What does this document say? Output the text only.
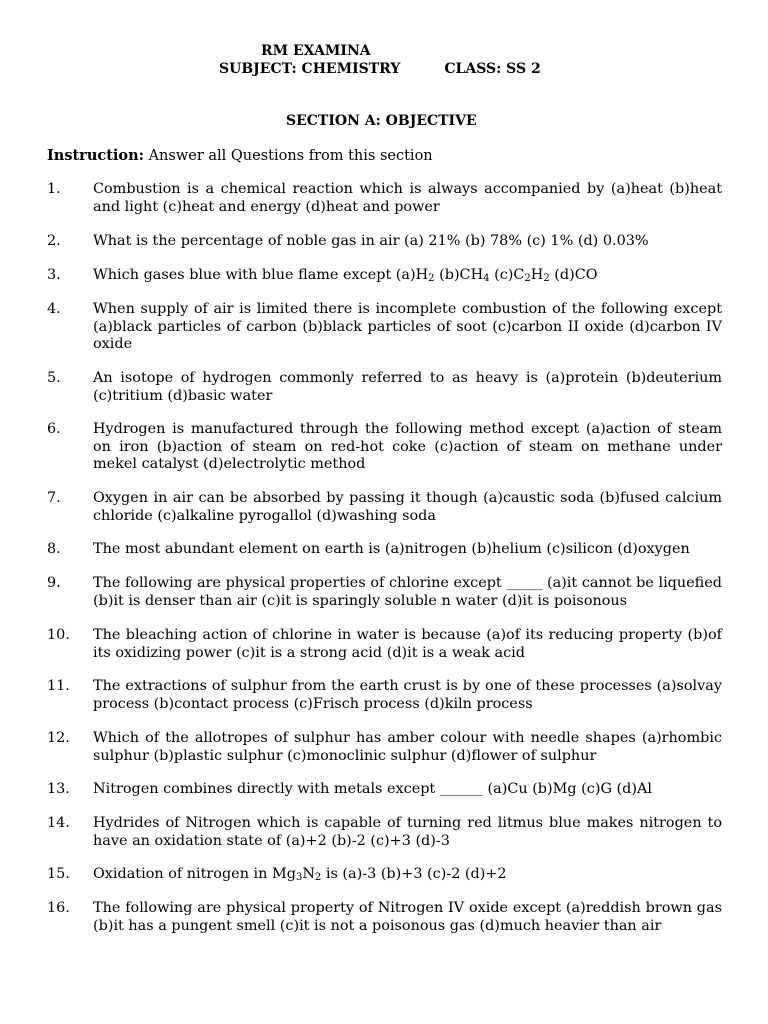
RM EXAMINA
SUBJECT: CHEMISTRY	CLASS: SS 2
SECTION A: OBJECTIVE
Instruction: Answer all Questions from this section
1. Combustion is a chemical reaction which is always accompanied by (a)heat (b)heat and light (c)heat and energy (d)heat and power
2. What is the percentage of noble gas in air (a) 21% (b) 78% (c) 1% (d) 0.03%
3. Which gases blue with blue flame except $(a)H_2$ $(b)CH_4$ $(c)C_2H_2$ (d)CO
4. When supply of air is limited there is incomplete combustion of the following except (a)black particles of carbon (b)black particles of soot (c)carbon II oxide (d)carbon IV oxide
5. An isotope of hydrogen commonly referred to as heavy is (a)protein (b)deuterium (c)tritium (d)basic water
6. Hydrogen is manufactured through the following method except (a)action of steam on iron (b)action of steam on red-hot coke (c)action of steam on methane under mekel catalyst (d)electrolytic method
7. Oxygen in air can be absorbed by passing it though (a)caustic soda (b)fused calcium chloride (c)alkaline pyrogallol (d)washing soda
8. The most abundant element on earth is (a)nitrogen (b)helium (c)silicon (d)oxygen
9. The following are physical properties of chlorine except _____ (a)it cannot be liquefied (b)it is denser than air (c)it is sparingly soluble n water (d)it is poisonous
10. The bleaching action of chlorine in water is because (a)of its reducing property (b)of its oxidizing power (c)it is a strong acid (d)it is a weak acid
11. The extractions of sulphur from the earth crust is by one of these processes (a)solvay process (b)contact process (c)Frisch process (d)kiln process
12. Which of the allotropes of sulphur has amber colour with needle shapes (a)rhombic sulphur (b)plastic sulphur (c)monoclinic sulphur (d)flower of sulphur
13. Nitrogen combines directly with metals except ______ (a)Cu (b)Mg (c)G (d)Al
14. Hydrides of Nitrogen which is capable of turning red litmus blue makes nitrogen to have an oxidation state of (a)+2 (b)-2 (c)+3 (d)-3
15. Oxidation of nitrogen in $Mg_3N_2$ is (a)-3 (b)+3 (c)-2 (d)+2
16. The following are physical property of Nitrogen IV oxide except (a)reddish brown gas (b)it has a pungent smell (c)it is not a poisonous gas (d)much heavier than air
